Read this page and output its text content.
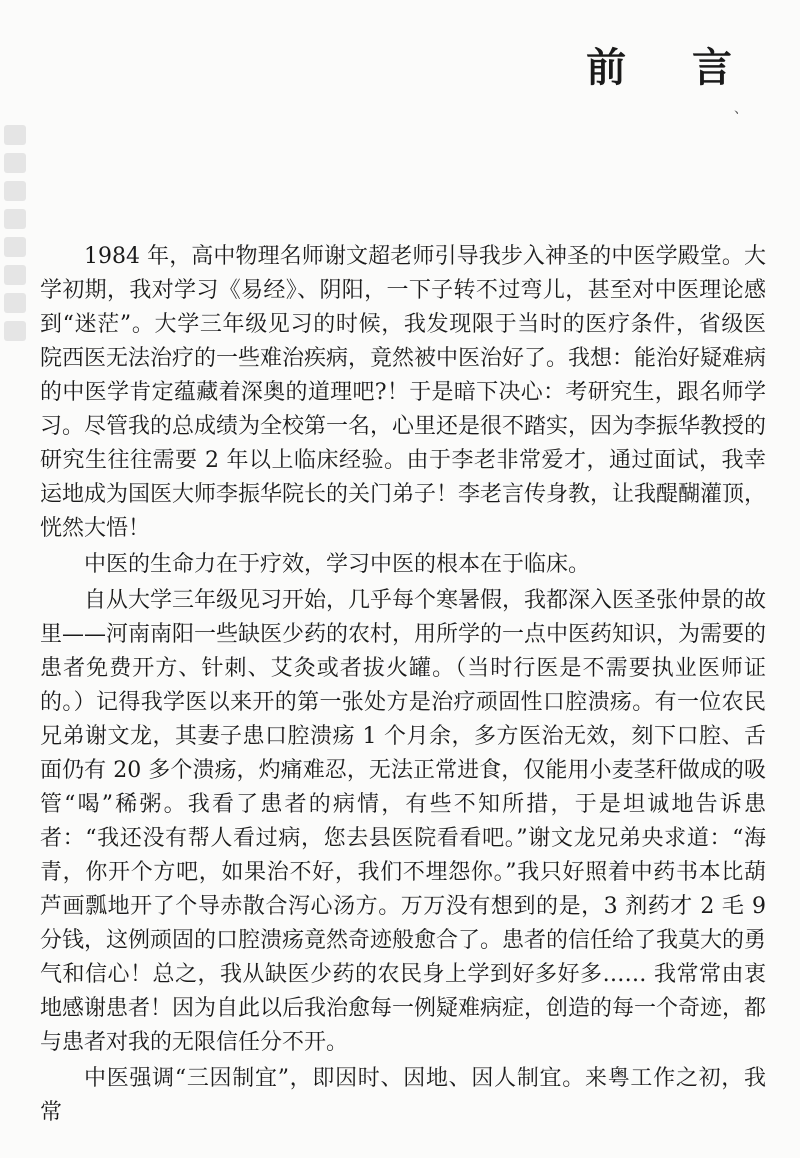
前 言
、

1984 年，高中物理名师谢文超老师引导我步入神圣的中医学殿堂。大学初期，我对学习《易经》、阴阳，一下子转不过弯儿，甚至对中医理论感到“迷茫”。大学三年级见习的时候，我发现限于当时的医疗条件，省级医院西医无法治疗的一些难治疾病，竟然被中医治好了。我想：能治好疑难病的中医学肯定蕴藏着深奥的道理吧?！于是暗下决心：考研究生，跟名师学习。尽管我的总成绩为全校第一名，心里还是很不踏实，因为李振华教授的研究生往往需要 2 年以上临床经验。由于李老非常爱才，通过面试，我幸运地成为国医大师李振华院长的关门弟子！李老言传身教，让我醍醐灌顶，恍然大悟！

中医的生命力在于疗效，学习中医的根本在于临床。

自从大学三年级见习开始，几乎每个寒暑假，我都深入医圣张仲景的故里——河南南阳一些缺医少药的农村，用所学的一点中医药知识，为需要的患者免费开方、针刺、艾灸或者拔火罐。（当时行医是不需要执业医师证的。）记得我学医以来开的第一张处方是治疗顽固性口腔溃疡。有一位农民兄弟谢文龙，其妻子患口腔溃疡 1 个月余，多方医治无效，刻下口腔、舌面仍有 20 多个溃疡，灼痛难忍，无法正常进食，仅能用小麦茎秆做成的吸管“喝”稀粥。我看了患者的病情，有些不知所措，于是坦诚地告诉患者：“我还没有帮人看过病，您去县医院看看吧。”谢文龙兄弟央求道：“海青，你开个方吧，如果治不好，我们不埋怨你。”我只好照着中药书本比葫芦画瓢地开了个导赤散合泻心汤方。万万没有想到的是，3 剂药才 2 毛 9 分钱，这例顽固的口腔溃疡竟然奇迹般愈合了。患者的信任给了我莫大的勇气和信心！总之，我从缺医少药的农民身上学到好多好多…… 我常常由衷地感谢患者！因为自此以后我治愈每一例疑难病症，创造的每一个奇迹，都与患者对我的无限信任分不开。

中医强调“三因制宜”，即因时、因地、因人制宜。来粤工作之初，我常
